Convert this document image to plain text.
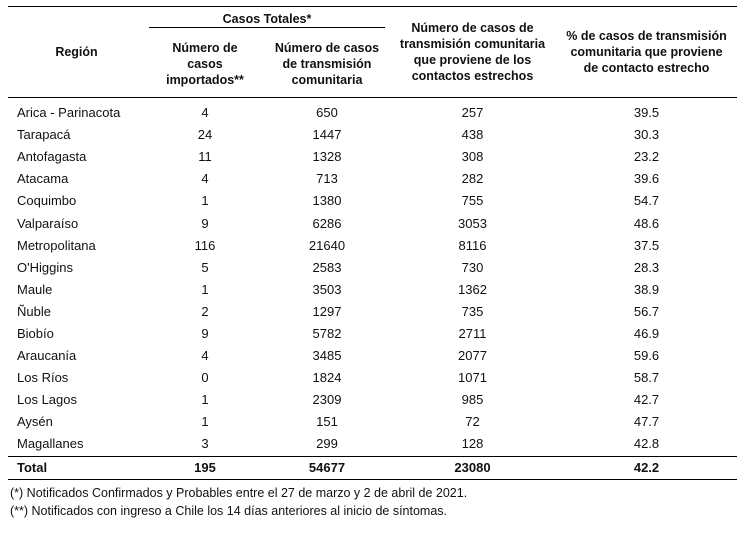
Región	Casos Totales*		Número de casos de transmisión comunitaria que proviene de los contactos estrechos	% de casos de transmisión comunitaria que proviene de contacto estrecho
	Número de casos importados**	Número de casos de transmisión comunitaria		

Arica - Parinacota	4	650	257	39.5
Tarapacá	24	1447	438	30.3
Antofagasta	11	1328	308	23.2
Atacama	4	713	282	39.6
Coquimbo	1	1380	755	54.7
Valparaíso	9	6286	3053	48.6
Metropolitana	116	21640	8116	37.5
O'Higgins	5	2583	730	28.3
Maule	1	3503	1362	38.9
Ñuble	2	1297	735	56.7
Biobío	9	5782	2711	46.9
Araucanía	4	3485	2077	59.6
Los Ríos	0	1824	1071	58.7
Los Lagos	1	2309	985	42.7
Aysén	1	151	72	47.7
Magallanes	3	299	128	42.8
Total	195	54677	23080	42.2
(*) Notificados Confirmados y Probables entre el 27 de marzo y 2 de abril de 2021.
(**) Notificados con ingreso a Chile los 14 días anteriores al inicio de síntomas.
